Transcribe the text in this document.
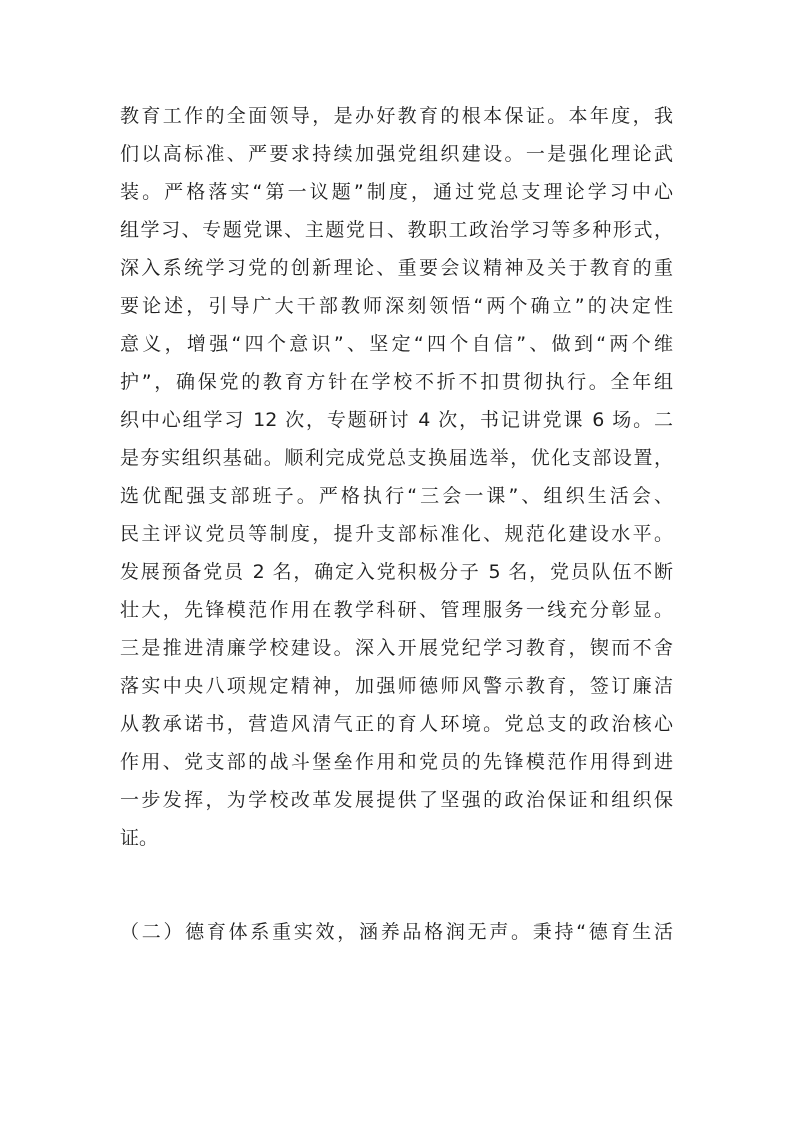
教育工作的全面领导，是办好教育的根本保证。本年度，我
们以高标准、严要求持续加强党组织建设。一是强化理论武
装。严格落实“第一议题”制度，通过党总支理论学习中心
组学习、专题党课、主题党日、教职工政治学习等多种形式，
深入系统学习党的创新理论、重要会议精神及关于教育的重
要论述，引导广大干部教师深刻领悟“两个确立”的决定性
意义，增强“四个意识”、坚定“四个自信”、做到“两个维
护”，确保党的教育方针在学校不折不扣贯彻执行。全年组
织中心组学习 12 次，专题研讨 4 次，书记讲党课 6 场。二
是夯实组织基础。顺利完成党总支换届选举，优化支部设置，
选优配强支部班子。严格执行“三会一课”、组织生活会、
民主评议党员等制度，提升支部标准化、规范化建设水平。
发展预备党员 2 名，确定入党积极分子 5 名，党员队伍不断
壮大，先锋模范作用在教学科研、管理服务一线充分彰显。
三是推进清廉学校建设。深入开展党纪学习教育，锲而不舍
落实中央八项规定精神，加强师德师风警示教育，签订廉洁
从教承诺书，营造风清气正的育人环境。党总支的政治核心
作用、党支部的战斗堡垒作用和党员的先锋模范作用得到进
一步发挥，为学校改革发展提供了坚强的政治保证和组织保
证。
（二）德育体系重实效，涵养品格润无声。秉持“德育生活
